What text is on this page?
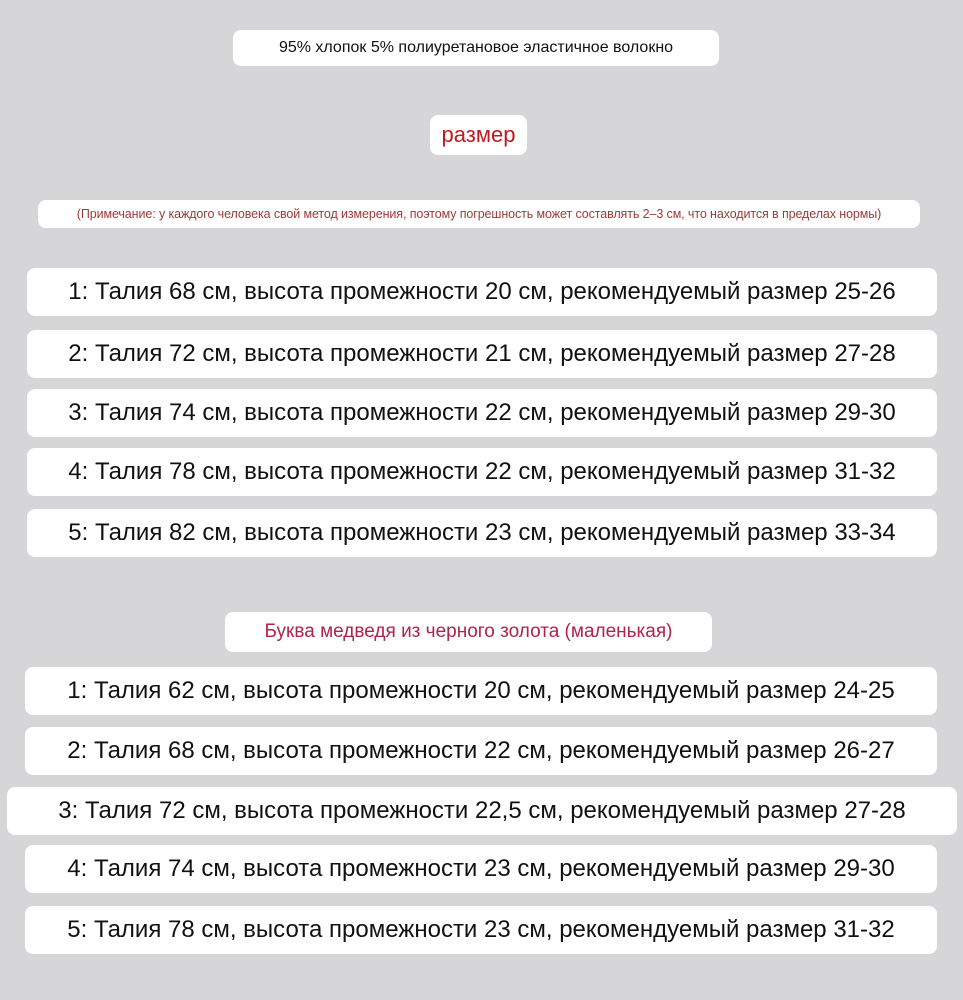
95% хлопок 5% полиуретановое эластичное волокно
размер
(Примечание: у каждого человека свой метод измерения, поэтому погрешность может составлять 2–3 см, что находится в пределах нормы)
1: Талия 68 см, высота промежности 20 см, рекомендуемый размер 25-26
2: Талия 72 см, высота промежности 21 см, рекомендуемый размер 27-28
3: Талия 74 см, высота промежности 22 см, рекомендуемый размер 29-30
4: Талия 78 см, высота промежности 22 см, рекомендуемый размер 31-32
5: Талия 82 см, высота промежности 23 см, рекомендуемый размер 33-34
Буква медведя из черного золота (маленькая)
1: Талия 62 см, высота промежности 20 см, рекомендуемый размер 24-25
2: Талия 68 см, высота промежности 22 см, рекомендуемый размер 26-27
3: Талия 72 см, высота промежности 22,5 см, рекомендуемый размер 27-28
4: Талия 74 см, высота промежности 23 см, рекомендуемый размер 29-30
5: Талия 78 см, высота промежности 23 см, рекомендуемый размер 31-32
